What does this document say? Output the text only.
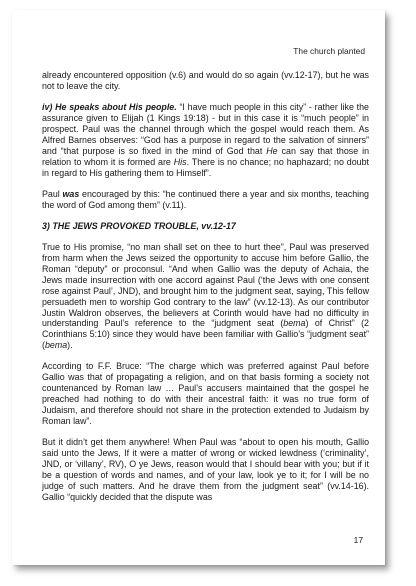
The church planted

already encountered opposition (v.6) and would do so again (vv.12-17), but he was not to leave the city.

iv) He speaks about His people. “I have much people in this city” - rather like the assurance given to Elijah (1 Kings 19:18) - but in this case it is “much people” in prospect. Paul was the channel through which the gospel would reach them. As Alfred Barnes observes: “God has a purpose in regard to the salvation of sinners” and “that purpose is so fixed in the mind of God that He can say that those in relation to whom it is formed are His. There is no chance; no haphazard; no doubt in regard to His gathering them to Himself”.

Paul was encouraged by this: “he continued there a year and six months, teaching the word of God among them” (v.11).

3) THE JEWS PROVOKED TROUBLE, vv.12-17

True to His promise, “no man shall set on thee to hurt thee”, Paul was preserved from harm when the Jews seized the opportunity to accuse him before Gallio, the Roman “deputy” or proconsul. “And when Gallio was the deputy of Achaia, the Jews made insurrection with one accord against Paul (‘the Jews with one consent rose against Paul’, JND), and brought him to the judgment seat, saying, This fellow persuadeth men to worship God contrary to the law” (vv.12-13). As our contributor Justin Waldron observes, the believers at Corinth would have had no difficulty in understanding Paul’s reference to the “judgment seat (bema) of Christ” (2 Corinthians 5:10) since they would have been familiar with Gallio’s “judgment seat” (bema).

According to F.F. Bruce: “The charge which was preferred against Paul before Gallio was that of propagating a religion, and on that basis forming a society not countenanced by Roman law … Paul’s accusers maintained that the gospel he preached had nothing to do with their ancestral faith: it was no true form of Judaism, and therefore should not share in the protection extended to Judaism by Roman law”.

But it didn’t get them anywhere! When Paul was “about to open his mouth, Gallio said unto the Jews, If it were a matter of wrong or wicked lewdness (‘criminality’, JND, or ‘villany’, RV), O ye Jews, reason would that I should bear with you; but if it be a question of words and names, and of your law, look ye to it; for I will be no judge of such matters. And he drave them from the judgment seat” (vv.14-16). Gallio “quickly decided that the dispute was

17
